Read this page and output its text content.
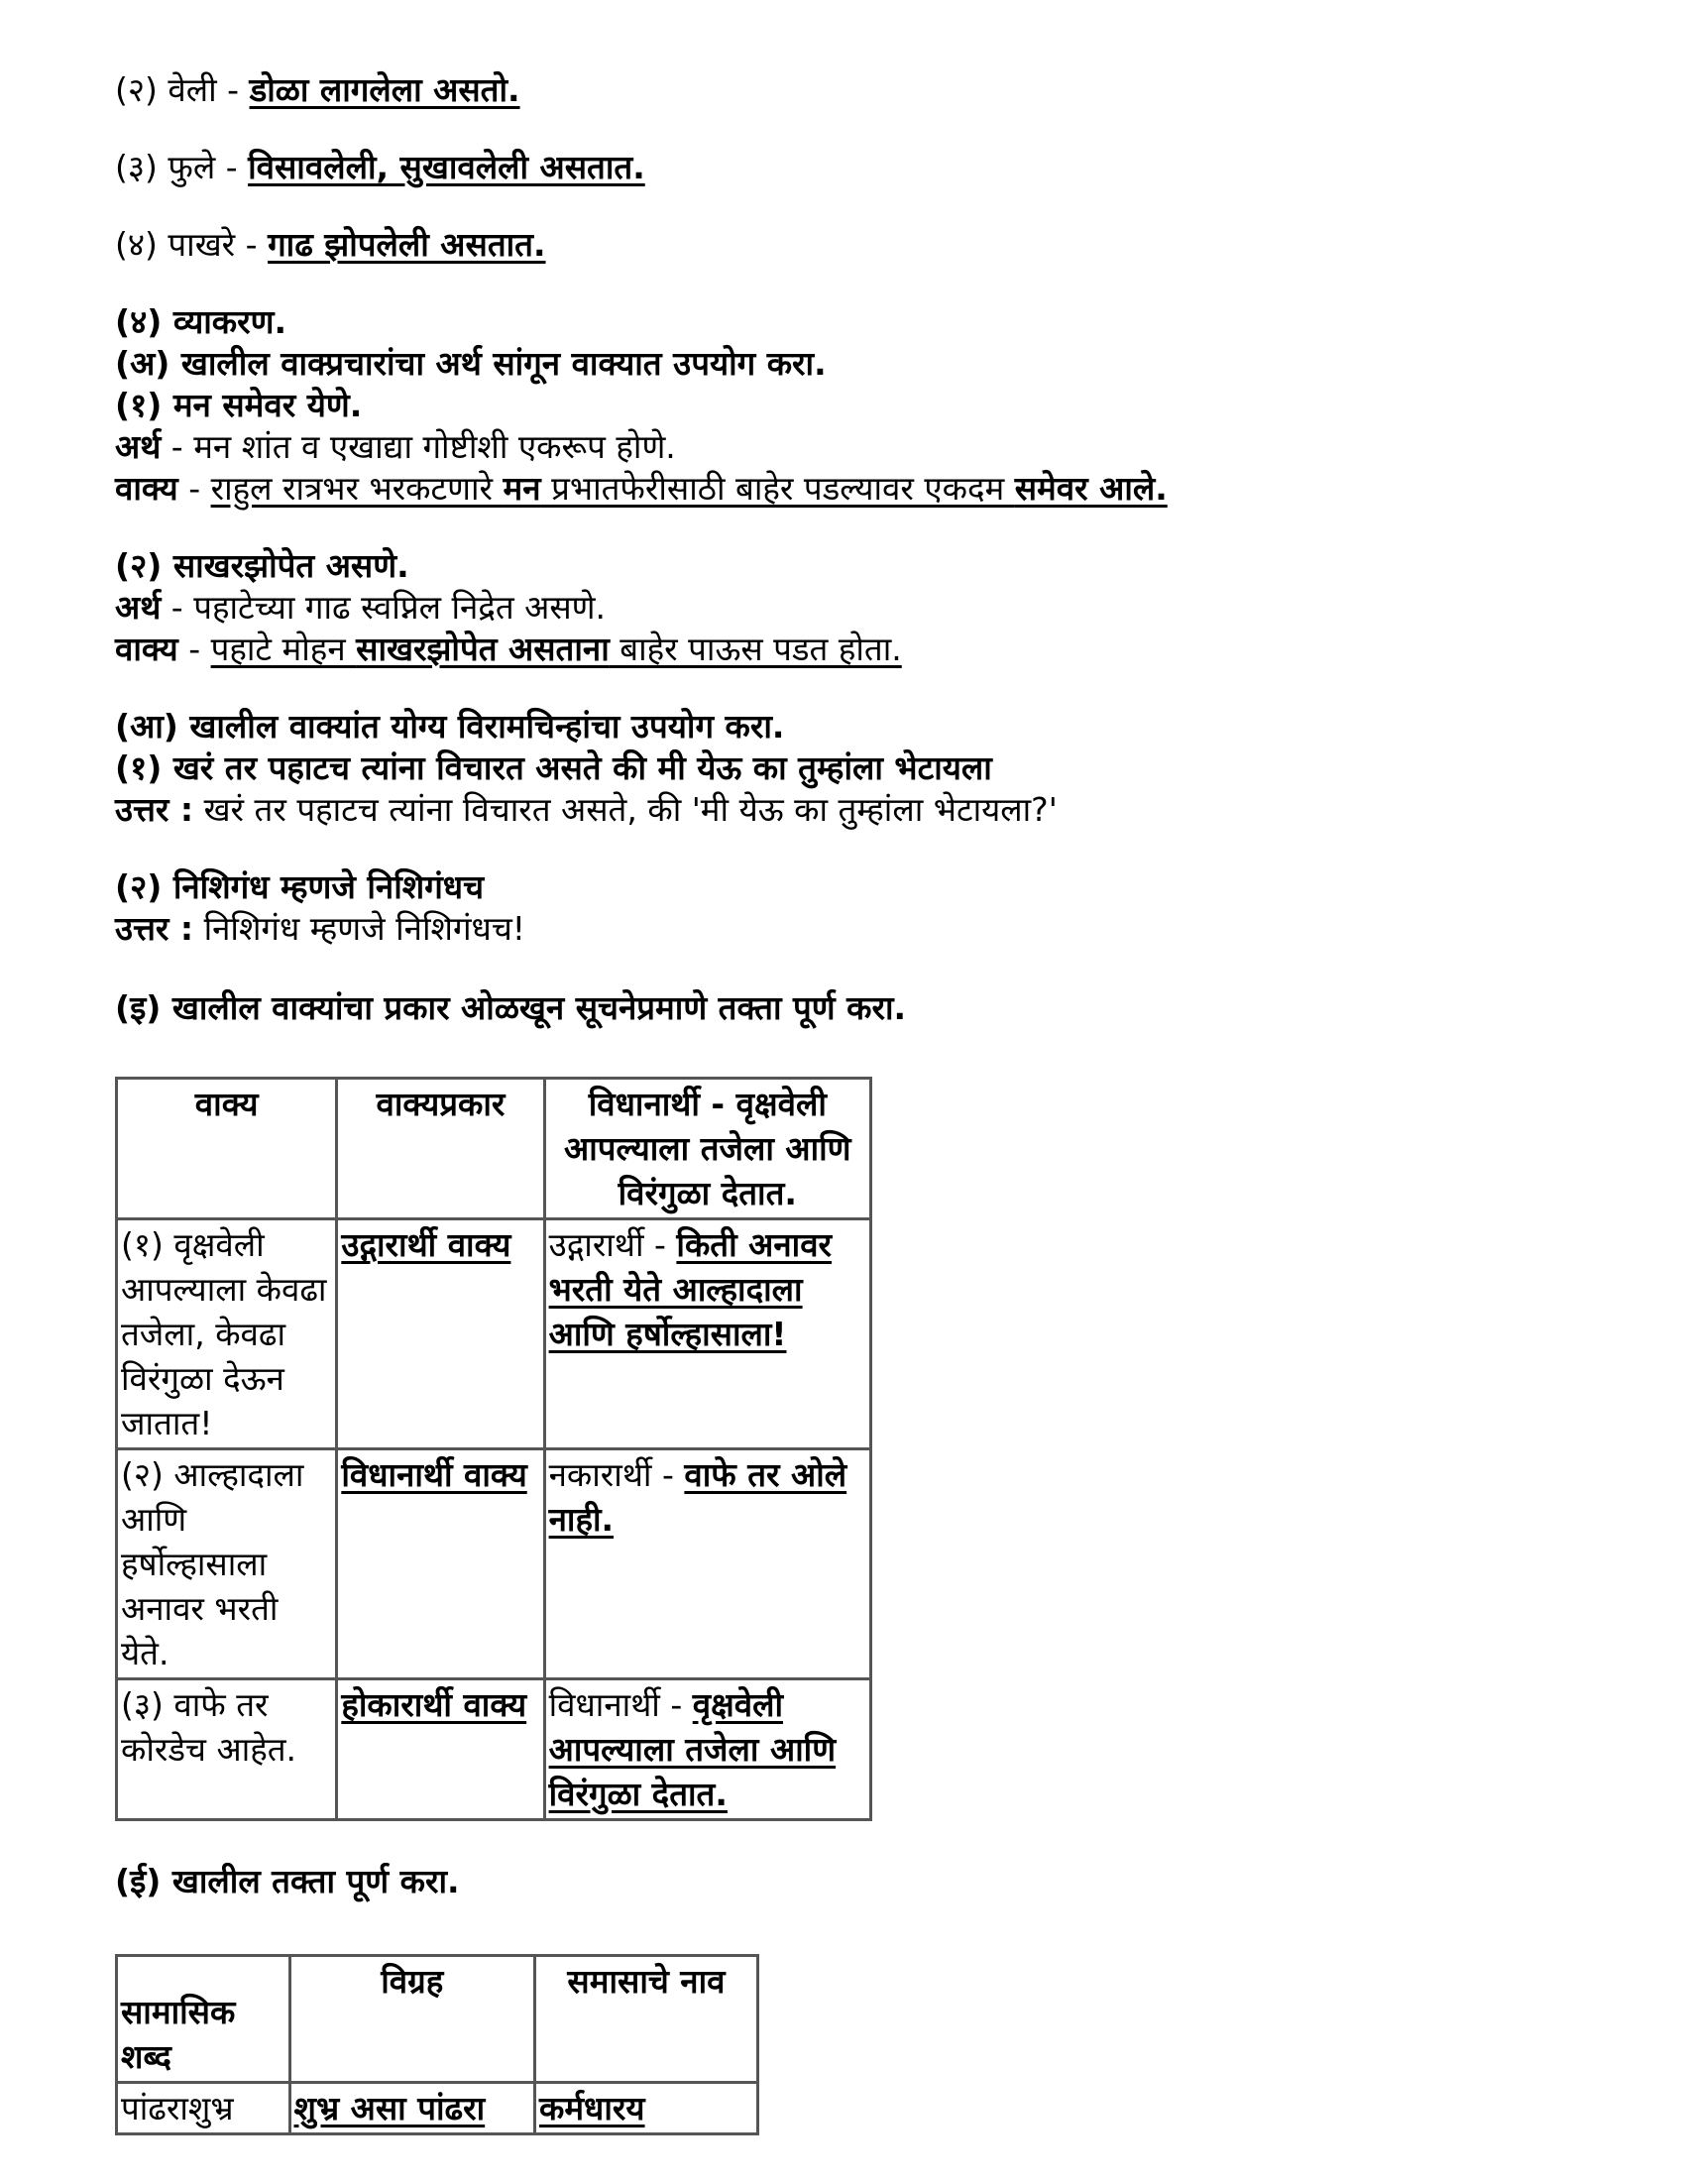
(२) वेली - डोळा लागलेला असतो.
(३) फुले - विसावलेली, सुखावलेली असतात.
(४) पाखरे - गाढ झोपलेली असतात.
(४) व्याकरण.
(अ) खालील वाक्प्रचारांचा अर्थ सांगून वाक्यात उपयोग करा.
(१) मन समेवर येणे.
अर्थ - मन शांत व एखाद्या गोष्टीशी एकरूप होणे.
वाक्य - राहुल रात्रभर भरकटणारे मन प्रभातफेरीसाठी बाहेर पडल्यावर एकदम समेवर आले.
(२) साखरझोपेत असणे.
अर्थ - पहाटेच्या गाढ स्वप्निल निद्रेत असणे.
वाक्य - पहाटे मोहन साखरझोपेत असताना बाहेर पाऊस पडत होता.
(आ) खालील वाक्यांत योग्य विरामचिन्हांचा उपयोग करा.
(१) खरं तर पहाटच त्यांना विचारत असते की मी येऊ का तुम्हांला भेटायला
उत्तर : खरं तर पहाटच त्यांना विचारत असते, की 'मी येऊ का तुम्हांला भेटायला?'
(२) निशिगंध म्हणजे निशिगंधच
उत्तर : निशिगंध म्हणजे निशिगंधच!
(इ) खालील वाक्यांचा प्रकार ओळखून सूचनेप्रमाणे तक्ता पूर्ण करा.
वाक्य	वाक्यप्रकार	विधानार्थी - वृक्षवेली आपल्याला तजेला आणि विरंगुळा देतात.
(१) वृक्षवेली आपल्याला केवढा तजेला, केवढा विरंगुळा देऊन जातात!	उद्गारार्थी वाक्य	उद्गारार्थी - किती अनावर भरती येते आल्हादाला आणि हर्षोल्हासाला!
(२) आल्हादाला आणि हर्षोल्हासाला अनावर भरती येते.	विधानार्थी वाक्य	नकारार्थी - वाफे तर ओले नाही.
(३) वाफे तर कोरडेच आहेत.	होकारार्थी वाक्य	विधानार्थी - वृक्षवेली आपल्याला तजेला आणि विरंगुळा देतात.
(ई) खालील तक्ता पूर्ण करा.
सामासिक शब्द	विग्रह	समासाचे नाव
पांढराशुभ्र	शुभ्र असा पांढरा	कर्मधारय
